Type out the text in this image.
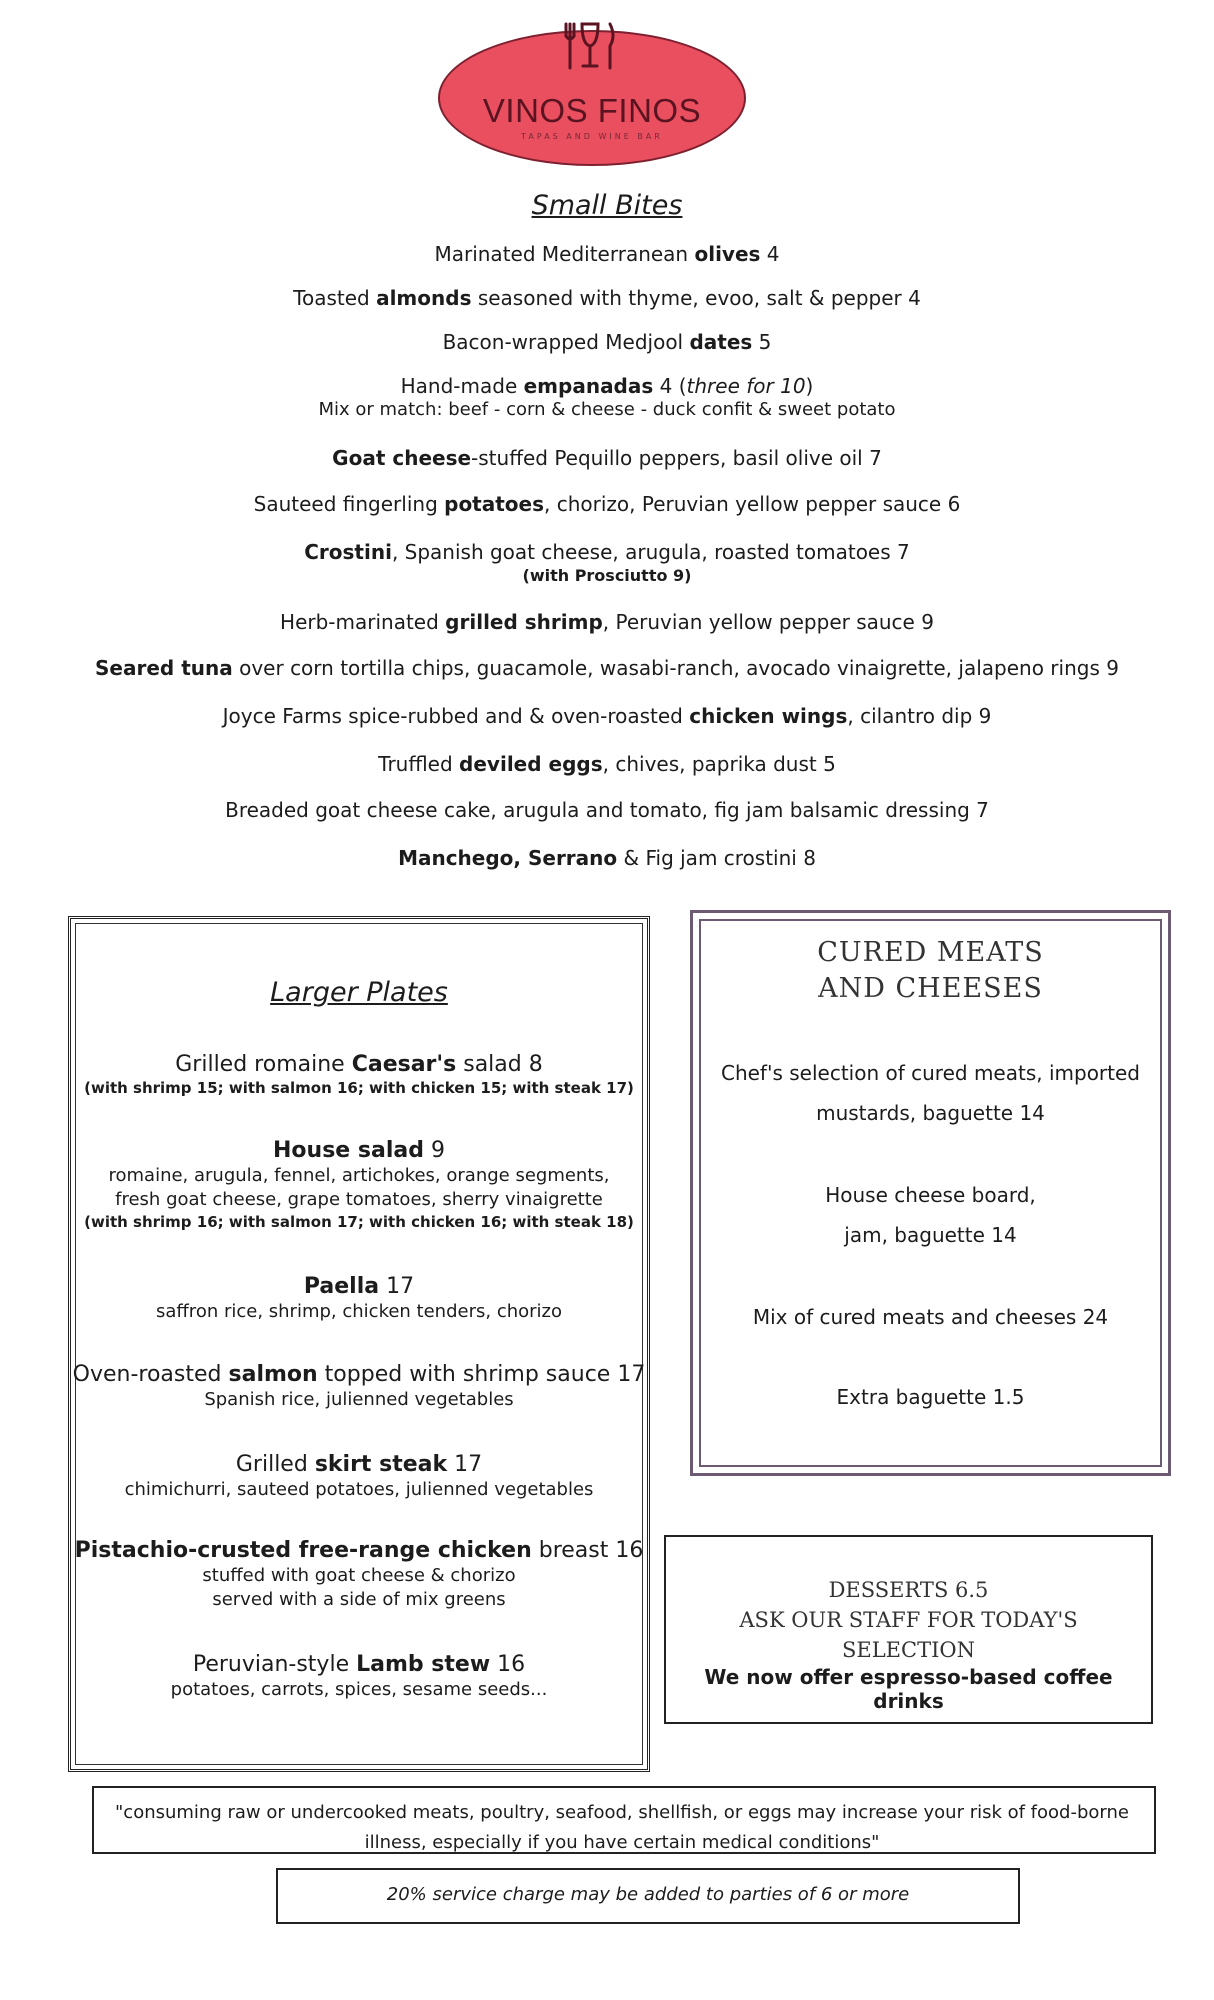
VINOS FINOS
TAPAS AND WINE BAR
Small Bites
Marinated Mediterranean olives 4
Toasted almonds seasoned with thyme, evoo, salt & pepper 4
Bacon-wrapped Medjool dates 5
Hand-made empanadas 4 (three for 10)
Mix or match: beef - corn & cheese - duck confit & sweet potato
Goat cheese-stuffed Pequillo peppers, basil olive oil 7
Sauteed fingerling potatoes, chorizo, Peruvian yellow pepper sauce 6
Crostini, Spanish goat cheese, arugula, roasted tomatoes 7
(with Prosciutto 9)
Herb-marinated grilled shrimp, Peruvian yellow pepper sauce 9
Seared tuna over corn tortilla chips, guacamole, wasabi-ranch, avocado vinaigrette, jalapeno rings 9
Joyce Farms spice-rubbed and & oven-roasted chicken wings, cilantro dip 9
Truffled deviled eggs, chives, paprika dust 5
Breaded goat cheese cake, arugula and tomato, fig jam balsamic dressing 7
Manchego, Serrano & Fig jam crostini 8
Larger Plates
Grilled romaine Caesar's salad 8
(with shrimp 15; with salmon 16; with chicken 15; with steak 17)
House salad 9
romaine, arugula, fennel, artichokes, orange segments,
fresh goat cheese, grape tomatoes, sherry vinaigrette
(with shrimp 16; with salmon 17; with chicken 16; with steak 18)
Paella 17
saffron rice, shrimp, chicken tenders, chorizo
Oven-roasted salmon topped with shrimp sauce 17
Spanish rice, julienned vegetables
Grilled skirt steak 17
chimichurri, sauteed potatoes, julienned vegetables
Pistachio-crusted free-range chicken breast 16
stuffed with goat cheese & chorizo
served with a side of mix greens
Peruvian-style Lamb stew 16
potatoes, carrots, spices, sesame seeds...
CURED MEATS
AND CHEESES
Chef's selection of cured meats, imported
mustards, baguette 14
House cheese board,
jam, baguette 14
Mix of cured meats and cheeses 24
Extra baguette 1.5
DESSERTS 6.5
ASK OUR STAFF FOR TODAY'S
SELECTION
We now offer espresso-based coffee drinks
"consuming raw or undercooked meats, poultry, seafood, shellfish, or eggs may increase your risk of food-borne illness, especially if you have certain medical conditions"
20% service charge may be added to parties of 6 or more
